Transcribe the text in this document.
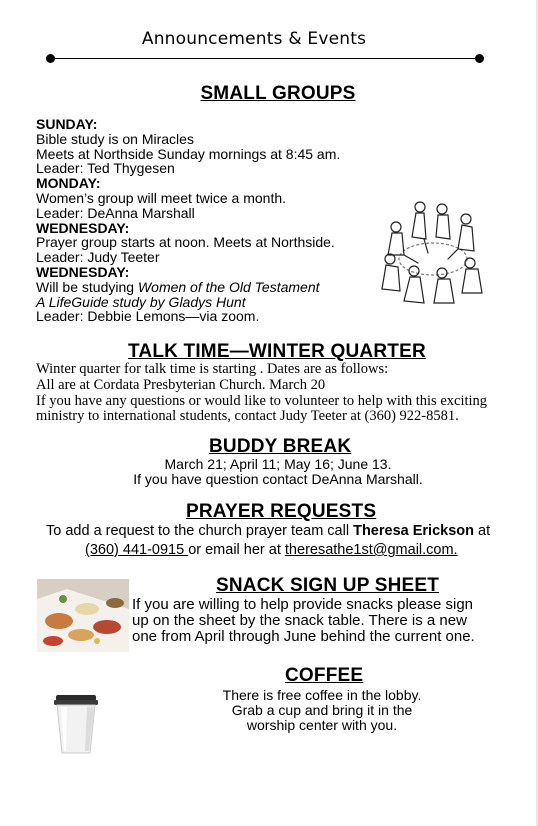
Announcements & Events
SMALL GROUPS
SUNDAY:
Bible study is on Miracles
Meets at Northside Sunday mornings at 8:45 am.
Leader: Ted Thygesen
MONDAY:
Women’s group will meet twice a month.
Leader: DeAnna Marshall
WEDNESDAY:
Prayer group starts at noon. Meets at Northside.
Leader: Judy Teeter
WEDNESDAY:
Will be studying Women of the Old Testament
A LifeGuide study by Gladys Hunt
Leader: Debbie Lemons—via zoom.
TALK TIME—WINTER QUARTER
Winter quarter for talk time is starting . Dates are as follows:
All are at Cordata Presbyterian Church. March 20
If you have any questions or would like to volunteer to help with this exciting
ministry to international students, contact Judy Teeter at (360) 922-8581.
BUDDY BREAK
March 21; April 11; May 16; June 13.
If you have question contact DeAnna Marshall.
PRAYER REQUESTS
To add a request to the church prayer team call Theresa Erickson at
(360) 441-0915 or email her at theresathe1st@gmail.com.
SNACK SIGN UP SHEET
If you are willing to help provide snacks please sign
up on the sheet by the snack table. There is a new
one from April through June behind the current one.
COFFEE
There is free coffee in the lobby.
Grab a cup and bring it in the
worship center with you.
